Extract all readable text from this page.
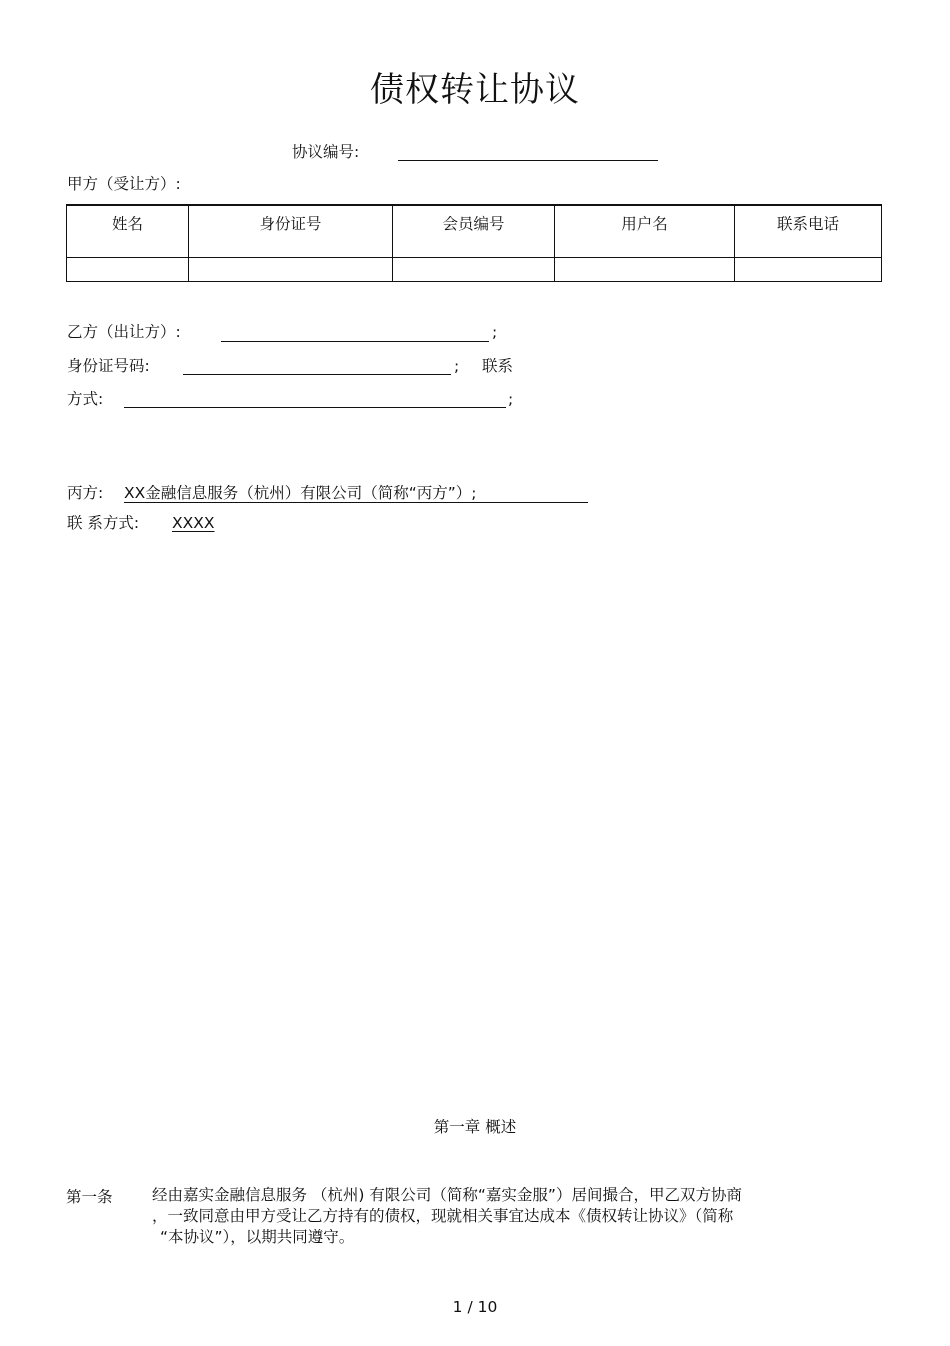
债权转让协议
协议编号:
甲方（受让方）:
姓名	身份证号	会员编号	用户名	联系电话

乙方（出让方）:	;
身份证号码:	; 联系
方式:	;
丙方: XX金融信息服务（杭州）有限公司（简称“丙方”）;
联 系方式: XXXX
第一章 概述
第一条	经由嘉实金融信息服务 （杭州) 有限公司（简称“嘉实金服”）居间撮合，甲乙双方协商
，一致同意由甲方受让乙方持有的债权，现就相关事宜达成本《债权转让协议》（简称
“本协议”），以期共同遵守。
1 / 10
